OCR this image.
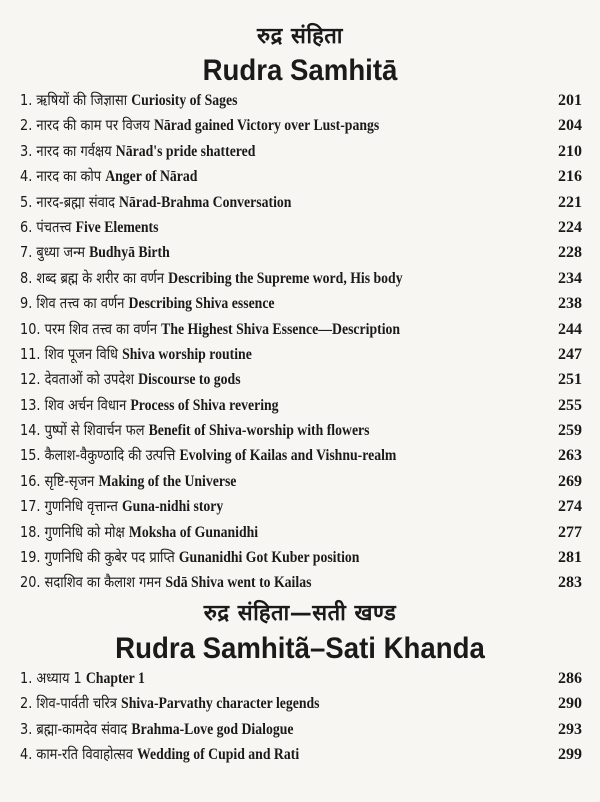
रुद्र संहिता
Rudra Samhitā
1. ऋषियों की जिज्ञासा Curiosity of Sages	201
2. नारद की काम पर विजय Nārad gained Victory over Lust-pangs	204
3. नारद का गर्वक्षय Nārad's pride shattered	210
4. नारद का कोप Anger of Nārad	216
5. नारद-ब्रह्मा संवाद Nārad-Brahma Conversation	221
6. पंचतत्त्व Five Elements	224
7. बुध्या जन्म Budhyā Birth	228
8. शब्द ब्रह्म के शरीर का वर्णन Describing the Supreme word, His body	234
9. शिव तत्त्व का वर्णन Describing Shiva essence	238
10. परम शिव तत्त्व का वर्णन The Highest Shiva Essence—Description	244
11. शिव पूजन विधि Shiva worship routine	247
12. देवताओं को उपदेश Discourse to gods	251
13. शिव अर्चन विधान Process of Shiva revering	255
14. पुष्पों से शिवार्चन फल Benefit of Shiva-worship with flowers	259
15. कैलाश-वैकुण्ठादि की उत्पत्ति Evolving of Kailas and Vishnu-realm	263
16. सृष्टि-सृजन Making of the Universe	269
17. गुणनिधि वृत्तान्त Guna-nidhi story	274
18. गुणनिधि को मोक्ष Moksha of Gunanidhi	277
19. गुणनिधि की कुबेर पद प्राप्ति Gunanidhi Got Kuber position	281
20. सदाशिव का कैलाश गमन Sdā Shiva went to Kailas	283
रुद्र संहिता—सती खण्ड
Rudra Samhitã–Sati Khanda
1. अध्याय 1 Chapter 1	286
2. शिव-पार्वती चरित्र Shiva-Parvathy character legends	290
3. ब्रह्मा-कामदेव संवाद Brahma-Love god Dialogue	293
4. काम-रति विवाहोत्सव Wedding of Cupid and Rati	299
